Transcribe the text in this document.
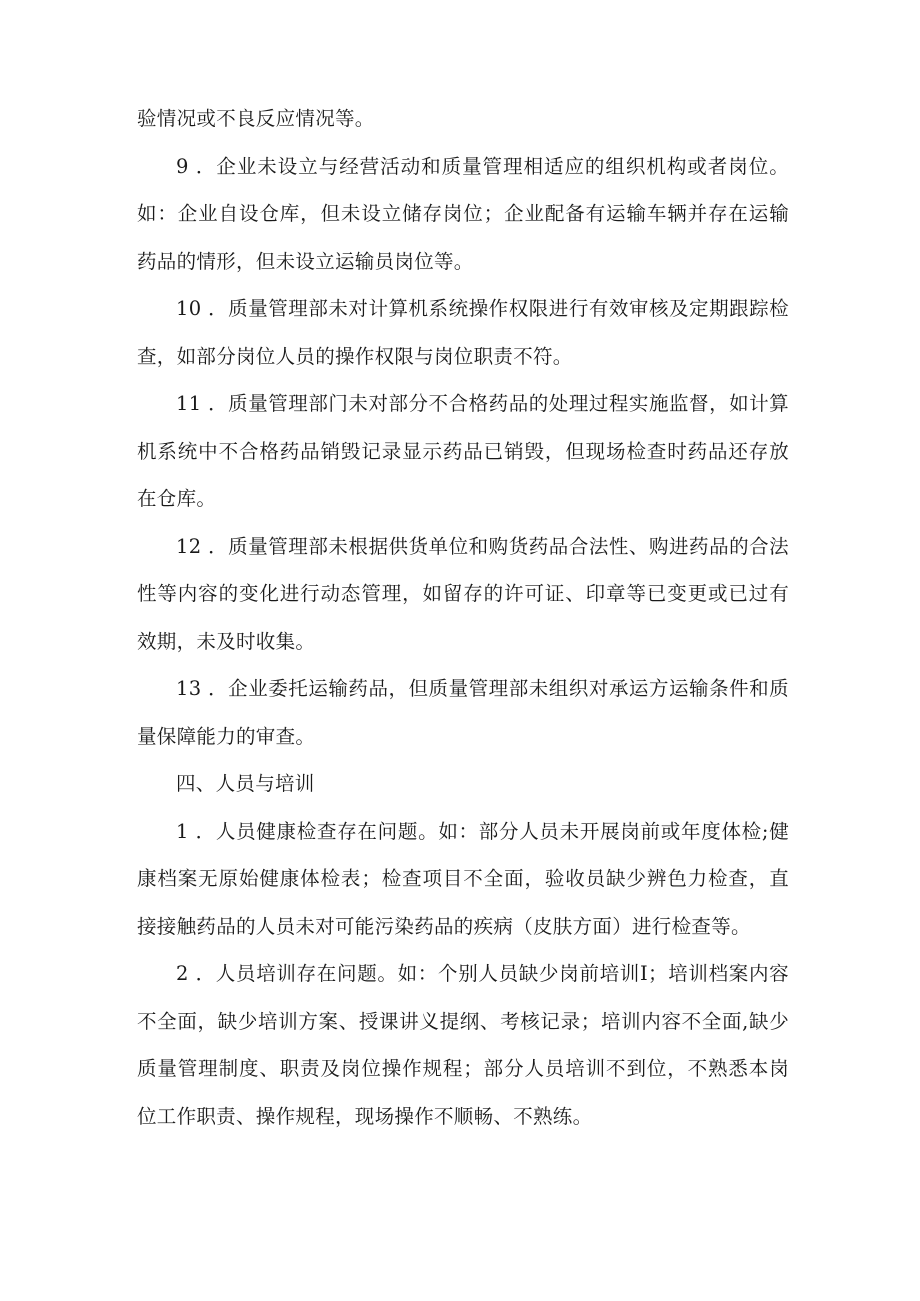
验情况或不良反应情况等。

9 ．企业未设立与经营活动和质量管理相适应的组织机构或者岗位。如：企业自设仓库，但未设立储存岗位；企业配备有运输车辆并存在运输药品的情形，但未设立运输员岗位等。

10 ．质量管理部未对计算机系统操作权限进行有效审核及定期跟踪检查，如部分岗位人员的操作权限与岗位职责不符。

11 ．质量管理部门未对部分不合格药品的处理过程实施监督，如计算机系统中不合格药品销毁记录显示药品已销毁，但现场检查时药品还存放在仓库。

12 ．质量管理部未根据供货单位和购货药品合法性、购进药品的合法性等内容的变化进行动态管理，如留存的许可证、印章等已变更或已过有效期，未及时收集。

13 ．企业委托运输药品，但质量管理部未组织对承运方运输条件和质量保障能力的审查。

四、人员与培训

1 ．人员健康检查存在问题。如：部分人员未开展岗前或年度体检;健康档案无原始健康体检表；检查项目不全面，验收员缺少辨色力检查，直接接触药品的人员未对可能污染药品的疾病（皮肤方面）进行检查等。

2 ．人员培训存在问题。如：个别人员缺少岗前培训I；培训档案内容不全面，缺少培训方案、授课讲义提纲、考核记录；培训内容不全面,缺少质量管理制度、职责及岗位操作规程；部分人员培训不到位，不熟悉本岗位工作职责、操作规程，现场操作不顺畅、不熟练。
